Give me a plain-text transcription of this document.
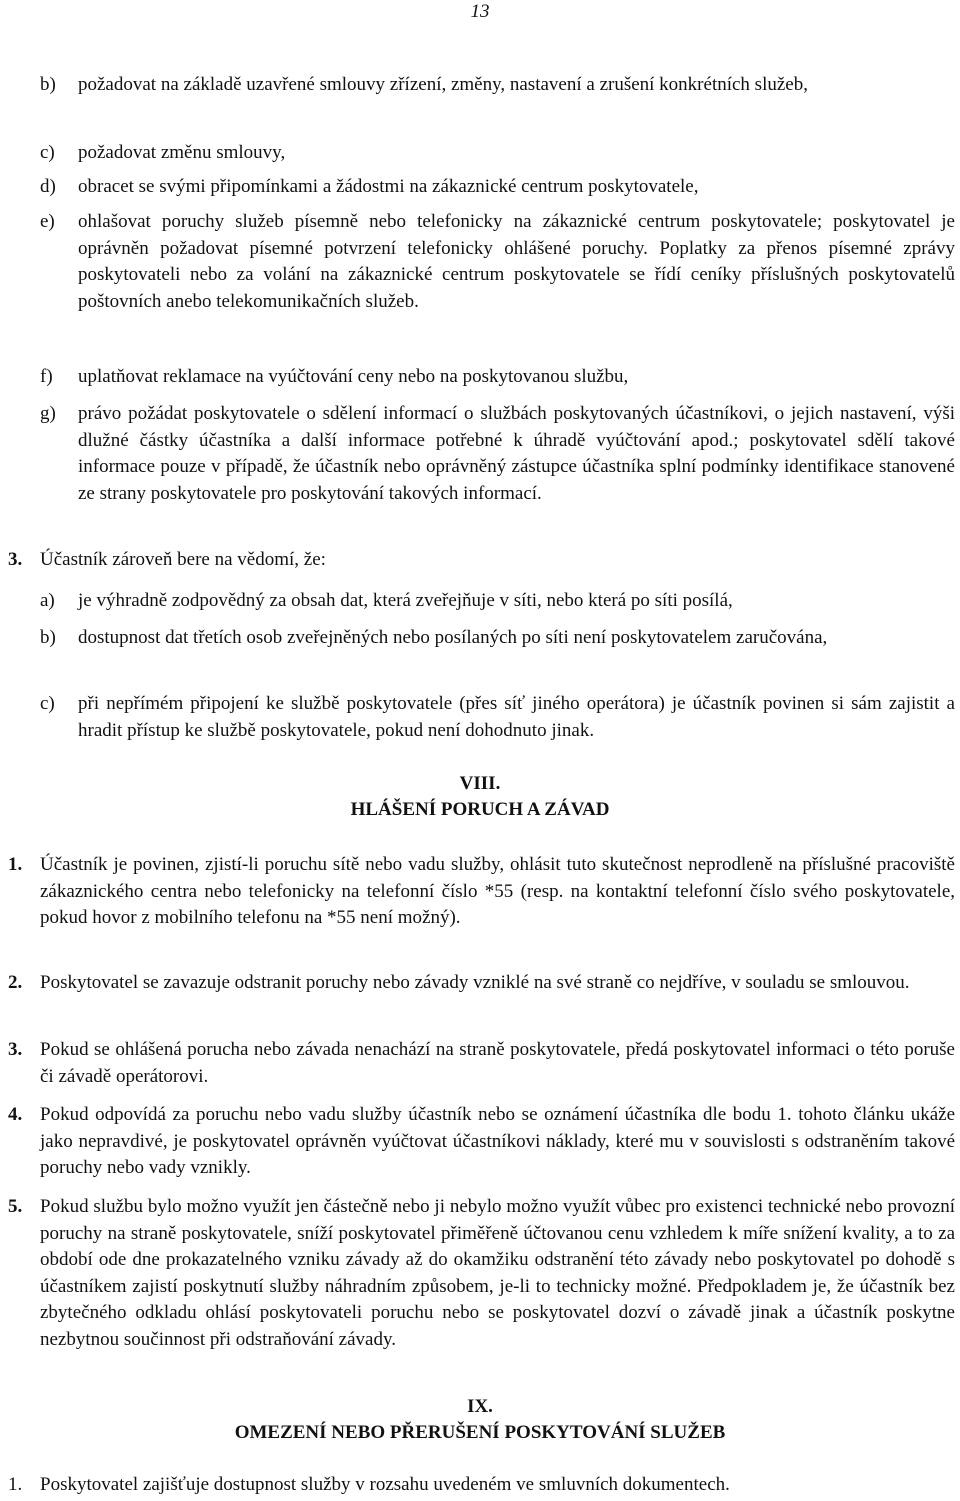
13
b)	požadovat na základě uzavřené smlouvy zřízení, změny, nastavení a zrušení konkrétních služeb,
c)	požadovat změnu smlouvy,
d)	obracet se svými připomínkami a žádostmi na zákaznické centrum poskytovatele,
e)	ohlašovat poruchy služeb písemně nebo telefonicky na zákaznické centrum poskytovatele; poskytovatel je oprávněn požadovat písemné potvrzení telefonicky ohlášené poruchy. Poplatky za přenos písemné zprávy poskytovateli nebo za volání na zákaznické centrum poskytovatele se řídí ceníky příslušných poskytovatelů poštovních anebo telekomunikačních služeb.
f)	uplatňovat reklamace na vyúčtování ceny nebo na poskytovanou službu,
g)	právo požádat poskytovatele o sdělení informací o službách poskytovaných účastníkovi, o jejich nastavení, výši dlužné částky účastníka a další informace potřebné k úhradě vyúčtování apod.; poskytovatel sdělí takové informace pouze v případě, že účastník nebo oprávněný zástupce účastníka splní podmínky identifikace stanovené ze strany poskytovatele pro poskytování takových informací.
3. Účastník zároveň bere na vědomí, že:
a)	je výhradně zodpovědný za obsah dat, která zveřejňuje v síti, nebo která po síti posílá,
b)	dostupnost dat třetích osob zveřejněných nebo posílaných po síti není poskytovatelem zaručována,
c)	při nepřímém připojení ke službě poskytovatele (přes síť jiného operátora) je účastník povinen si sám zajistit a hradit přístup ke službě poskytovatele, pokud není dohodnuto jinak.
VIII.
HLÁŠENÍ PORUCH A ZÁVAD
1. Účastník je povinen, zjistí-li poruchu sítě nebo vadu služby, ohlásit tuto skutečnost neprodleně na příslušné pracoviště zákaznického centra nebo telefonicky na telefonní číslo *55 (resp. na kontaktní telefonní číslo svého poskytovatele, pokud hovor z mobilního telefonu na *55 není možný).
2. Poskytovatel se zavazuje odstranit poruchy nebo závady vzniklé na své straně co nejdříve, v souladu se smlouvou.
3. Pokud se ohlášená porucha nebo závada nenachází na straně poskytovatele, předá poskytovatel informaci o této poruše či závadě operátorovi.
4. Pokud odpovídá za poruchu nebo vadu služby účastník nebo se oznámení účastníka dle bodu 1. tohoto článku ukáže jako nepravdivé, je poskytovatel oprávněn vyúčtovat účastníkovi náklady, které mu v souvislosti s odstraněním takové poruchy nebo vady vznikly.
5. Pokud službu bylo možno využít jen částečně nebo ji nebylo možno využít vůbec pro existenci technické nebo provozní poruchy na straně poskytovatele, sníží poskytovatel přiměřeně účtovanou cenu vzhledem k míře snížení kvality, a to za období ode dne prokazatelného vzniku závady až do okamžiku odstranění této závady nebo poskytovatel po dohodě s účastníkem zajistí poskytnutí služby náhradním způsobem, je-li to technicky možné. Předpokladem je, že účastník bez zbytečného odkladu ohlásí poskytovateli poruchu nebo se poskytovatel dozví o závadě jinak a účastník poskytne nezbytnou součinnost při odstraňování závady.
IX.
OMEZENÍ NEBO PŘERUŠENÍ POSKYTOVÁNÍ SLUŽEB
1. Poskytovatel zajišťuje dostupnost služby v rozsahu uvedeném ve smluvních dokumentech.
